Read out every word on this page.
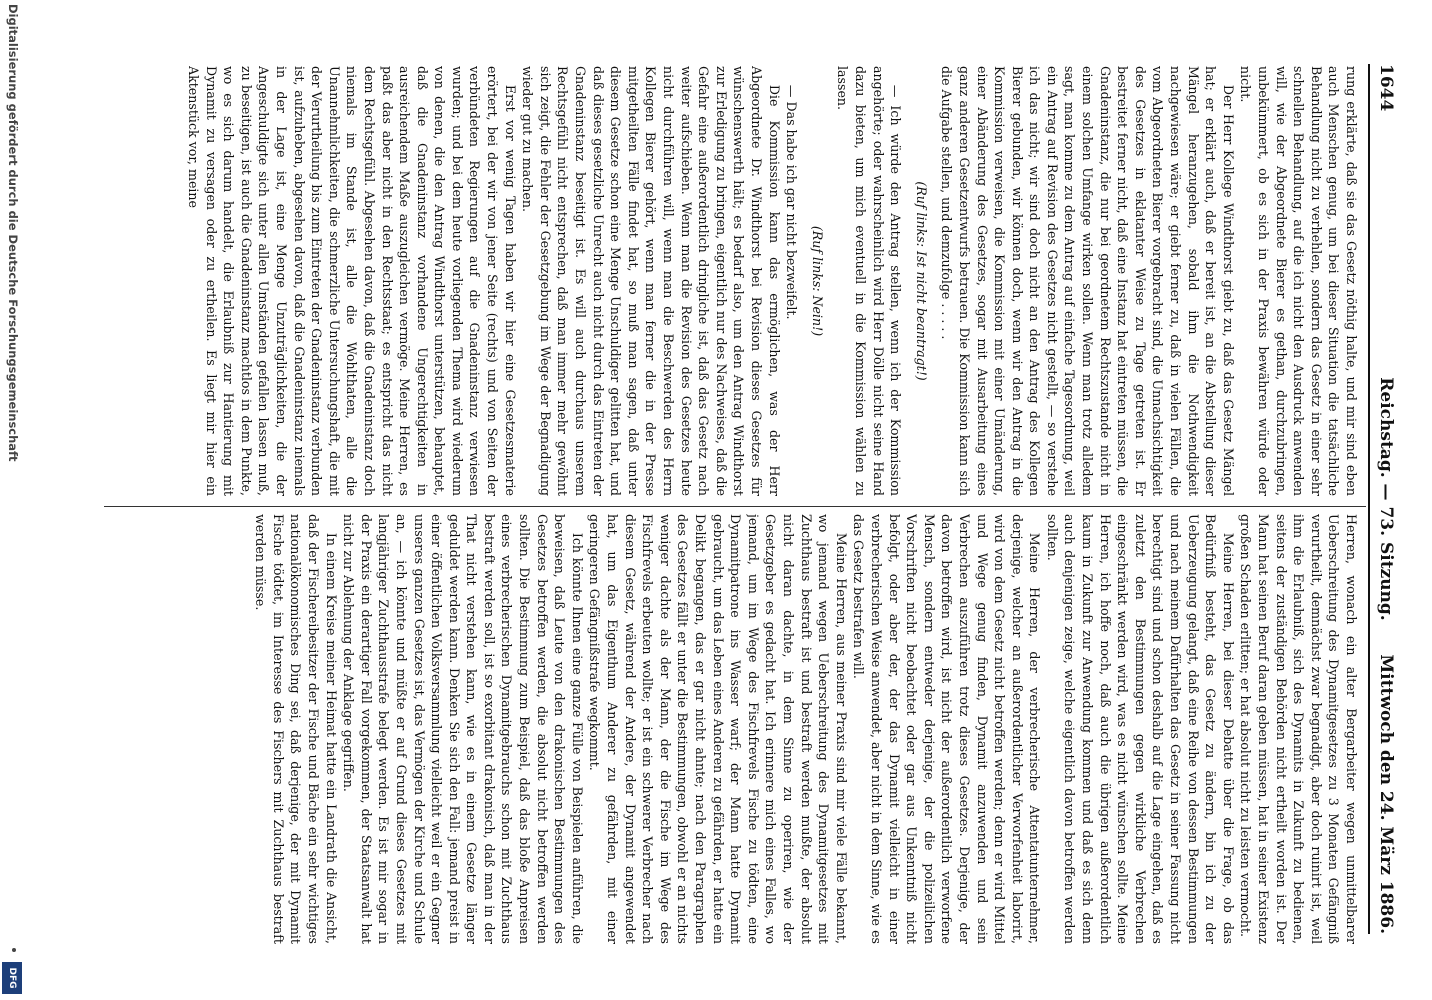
1644
Reichstag. — 73. Sitzung.
Mittwoch den 24. März 1886.

rung erklärte, daß sie das Gesetz nöthig halte, und mir sind eben auch Menschen genug, um bei dieser Situation die tatsächliche Behandlung nicht zu verhehlen, sondern das Gesetz in einer sehr schnellen Behandlung, auf die ich nicht den Ausdruck anwenden will, wie der Abgeordnete Bierer es gethan, durchzubringen, unbekümmert, ob es sich in der Praxis bewähren würde oder nicht.

Der Herr Kollege Windthorst giebt zu, daß das Gesetz Mängel hat; er erklärt auch, daß er bereit ist, an die Abstellung dieser Mängel heranzugehen, sobald ihm die Nothwendigkeit nachgewiesen wäre; er giebt ferner zu, daß in vielen Fällen, die vom Abgeordneten Bierer vorgebracht sind, die Unnachsichtigkeit des Gesetzes in eklatanter Weise zu Tage getreten ist. Er bestreitet ferner nicht, daß eine Instanz hat eintreten müssen, die Gnadeninstanz, die nur bei geordnetem Rechtszustande nicht in einem solchen Umfange wirken sollen. Wenn man trotz alledem sagt, man komme zu dem Antrag auf einfache Tagesordnung, weil ein Antrag auf Revision des Gesetzes nicht gestellt, — so verstehe ich das nicht; wir sind doch nicht an den Antrag des Kollegen Bierer gebunden, wir können doch, wenn wir den Antrag in die Kommission verweisen, die Kommission mit einer Umänderung, einer Abänderung des Gesetzes, sogar mit Ausarbeitung eines ganz anderen Gesetzentwurfs betrauen. Die Kommission kann sich die Aufgabe stellen, und demzufolge . . . . .

(Ruf links: Ist nicht beantragt!)

— Ich würde den Antrag stellen, wenn ich der Kommission angehörte; oder wahrscheinlich wird Herr Dölle nicht seine Hand dazu bieten, um mich eventuell in die Kommission wählen zu lassen.

(Ruf links: Nein!)

— Das habe ich gar nicht bezweifelt.

Die Kommission kann das ermöglichen, was der Herr Abgeordnete Dr. Windthorst bei Revision dieses Gesetzes für wünschenswerth hält; es bedarf also, um den Antrag Windthorst zur Erledigung zu bringen, eigentlich nur des Nachweises, daß die Gefahr eine außerordentlich dringliche ist, daß das Gesetz nach weiter aufschieben. Wenn man die Revision des Gesetzes heute nicht durchführen will, wenn man die Beschwerden des Herrn Kollegen Bierer gehört, wenn man ferner die in der Presse mitgetheilten Fälle findet hat, so muß man sagen, daß unter diesem Gesetze schon eine Menge Unschuldiger gelitten hat, und daß dieses gesetzliche Unrecht auch nicht durch das Eintreten der Gnadeninstanz beseitigt ist. Es will auch durchaus unserem Rechtsgefühl nicht entsprechen, daß man immer mehr gewöhnt sich zeigt, die Fehler der Gesetzgebung im Wege der Begnadigung wieder gut zu machen.

Erst vor wenig Tagen haben wir hier eine Gesetzesmaterie erörtert, bei der wir von jener Seite (rechts) und von Seiten der verbündeten Regierungen auf die Gnadeninstanz verwiesen wurden; und bei dem heute vorliegenden Thema wird wiederum von denen, die den Antrag Windthorst unterstützen, behauptet, daß die Gnadeninstanz vorhandene Ungerechtigkeiten in ausreichendem Maße auszugleichen vermöge. Meine Herren, es paßt das aber nicht in den Rechtsstaat; es entspricht das nicht dem Rechtsgefühl. Abgesehen davon, daß die Gnadeninstanz doch niemals im Stande ist, alle die Wohlthaten, alle die Unannehmlichkeiten, die schmerzliche Untersuchungshaft, die mit der Verurtheilung bis zum Eintreten der Gnadeninstanz verbunden ist, aufzuheben, abgesehen davon, daß die Gnadeninstanz niemals in der Lage ist, eine Menge Unzuträglichkeiten, die der Angeschuldigte sich unter allen Umständen gefallen lassen muß, zu beseitigen, ist auch die Gnadeninstanz machtlos in dem Punkte, wo es sich darum handelt, die Erlaubniß zur Hantierung mit Dynamit zu versagen oder zu ertheilen. Es liegt mir hier ein Aktenstück vor, meine

Herren, wonach ein alter Bergarbeiter wegen unmittelbarer Ueberschreitung des Dynamitgesetzes zu 3 Monaten Gefängniß verurtheilt, demnächst zwar begnadigt, aber doch ruinirt ist, weil ihm die Erlaubniß, sich des Dynamits in Zukunft zu bedienen, seitens der zuständigen Behörden nicht ertheilt worden ist. Der Mann hat seinen Beruf daran geben müssen, hat in seiner Existenz großen Schaden erlitten; er hat absolut nicht zu leisten vermocht.

Meine Herren, bei dieser Debatte über die Frage, ob das Bedürfniß besteht, das Gesetz zu ändern, bin ich zu der Ueberzeugung gelangt, daß eine Reihe von dessen Bestimmungen und nach meinem Dafürhalten das Gesetz in seiner Fassung nicht berechtigt sind und schon deshalb auf die Lage eingehen, daß es zuletzt den Bestimmungen gegen wirkliche Verbrechen eingeschränkt werden wird, was es nicht wünschen sollte. Meine Herren, ich hoffe noch, daß auch die übrigen außerordentlich kaum in Zukunft zur Anwendung kommen und daß es sich denn auch denjenigen zeige, welche eigentlich davon betroffen werden sollten.

Meine Herren, der verbrecherische Attentatunternehmer, derjenige, welcher an außerordentlicher Verworfenheit laborirt, wird von dem Gesetz nicht betroffen werden; denn er wird Mittel und Wege genug finden, Dynamit anzuwenden und sein Verbrechen auszuführen trotz dieses Gesetzes. Derjenige, der davon betroffen wird, ist nicht der außerordentlich verworfene Mensch, sondern entweder derjenige, der die polizeilichen Vorschriften nicht beobachtet oder gar aus Unkenntniß nicht befolgt, oder aber der, der das Dynamit vielleicht in einer verbrecherischen Weise anwendet, aber nicht in dem Sinne, wie es das Gesetz bestrafen will.

Meine Herren, aus meiner Praxis sind mir viele Fälle bekannt, wo jemand wegen Ueberschreitung des Dynamitgesetzes mit Zuchthaus bestraft ist und bestraft werden mußte, der absolut nicht daran dachte, in dem Sinne zu operiren, wie der Gesetzgeber es gedacht hat. Ich erinnere mich eines Falles, wo jemand, um im Wege des Fischfrevels Fische zu tödten, eine Dynamitpatrone ins Wasser warf; der Mann hatte Dynamit gebraucht, um das Leben eines Anderen zu gefährden, er hatte ein Delikt begangen, das er gar nicht ahnte; nach den Paragraphen des Gesetzes fällt er unter die Bestimmungen, obwohl er an nichts weniger dachte als der Mann, der die Fische im Wege des Fischfrevels erbeuten wollte; er ist ein schwerer Verbrecher nach diesem Gesetz, während der Andere, der Dynamit angewendet hat, um das Eigenthum Anderer zu gefährden, mit einer geringeren Gefängnißstrafe wegkommt.

Ich könnte Ihnen eine ganze Fülle von Beispielen anführen, die beweisen, daß Leute von den drakonischen Bestimmungen des Gesetzes betroffen werden, die absolut nicht betroffen werden sollten. Die Bestimmung zum Beispiel, daß das bloße Anpreisen eines verbrecherischen Dynamitgebrauchs schon mit Zuchthaus bestraft werden soll, ist so exorbitant drakonisch, daß man in der That nicht verstehen kann, wie es in einem Gesetze länger geduldet werden kann. Denken Sie sich den Fall: jemand preist in einer öffentlichen Volksversammlung vielleicht weil er ein Gegner unseres ganzen Gesetzes ist, das Vermögen der Kirche und Schule an, — ich könnte und müßte er auf Grund dieses Gesetzes mit langjähriger Zuchthausstrafe belegt werden. Es ist mir sogar in der Praxis ein derartiger Fall vorgekommen, der Staatsanwalt hat nicht zur Ablehnung der Anklage gegriffen.

In einem Kreise meiner Heimat hatte ein Landrath die Ansicht, daß der Fischereibesitzer der Fische und Bäche ein sehr wichtiges nationalökonomisches Ding sei, daß derjenige, der mit Dynamit Fische tödtet, im Interesse des Fischers mit Zuchthaus bestraft werden müsse.

Digitalisierung gefördert durch die Deutsche Forschungsgemeinschaft
DFG
